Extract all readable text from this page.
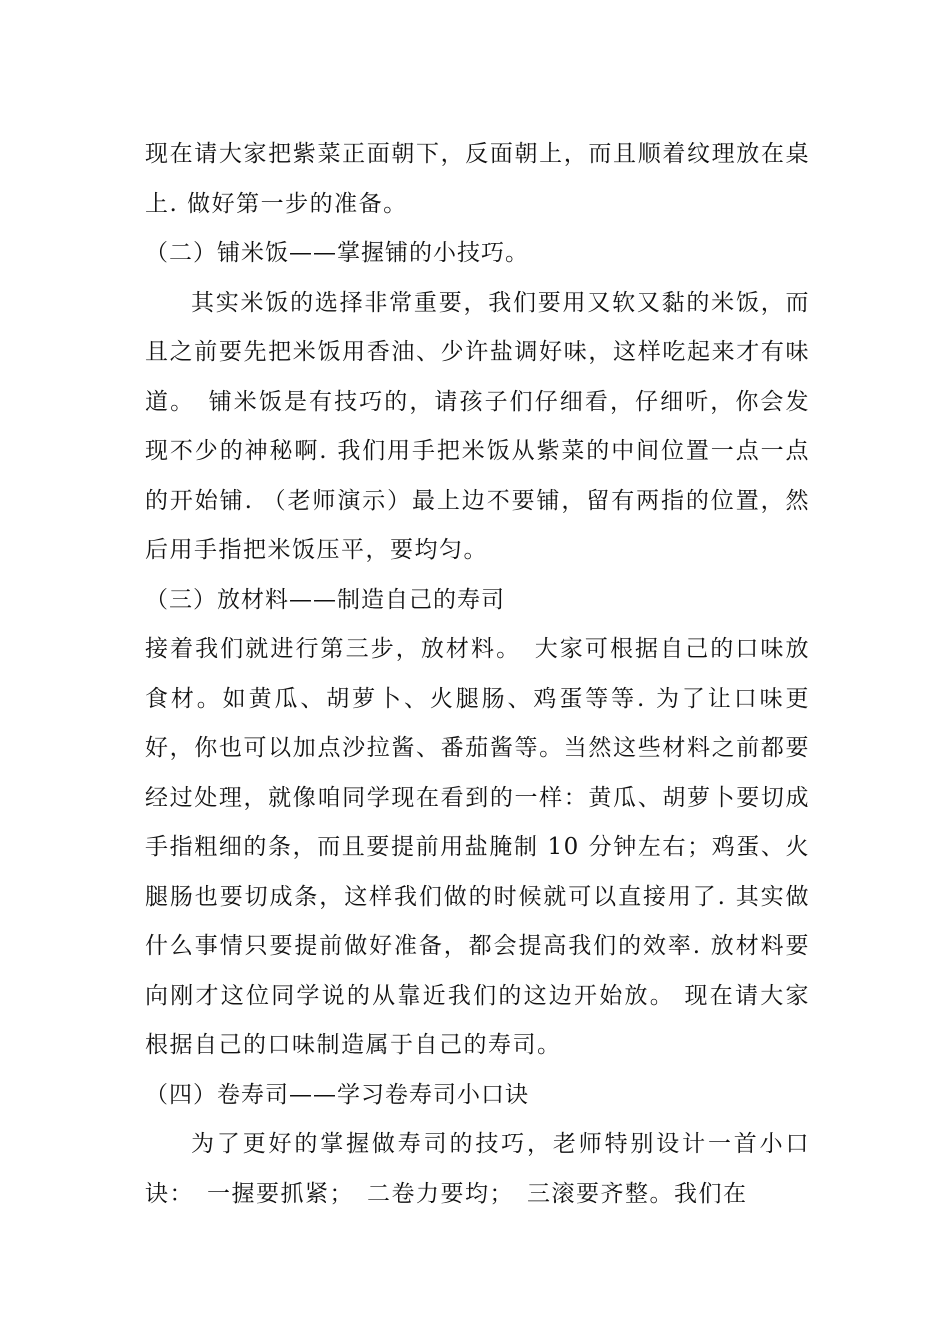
现在请大家把紫菜正面朝下，反面朝上，而且顺着纹理放在桌上. 做好第一步的准备。

（二）铺米饭——掌握铺的小技巧。

其实米饭的选择非常重要，我们要用又软又黏的米饭，而且之前要先把米饭用香油、少许盐调好味，这样吃起来才有味道。　铺米饭是有技巧的，请孩子们仔细看，仔细听，你会发现不少的神秘啊. 我们用手把米饭从紫菜的中间位置一点一点的开始铺. （老师演示）最上边不要铺，留有两指的位置，然后用手指把米饭压平，要均匀。

（三）放材料——制造自己的寿司

接着我们就进行第三步，放材料。　大家可根据自己的口味放食材。如黄瓜、胡萝卜、火腿肠、鸡蛋等等. 为了让口味更好，你也可以加点沙拉酱、番茄酱等。当然这些材料之前都要经过处理，就像咱同学现在看到的一样：黄瓜、胡萝卜要切成手指粗细的条，而且要提前用盐腌制 10 分钟左右；鸡蛋、火腿肠也要切成条，这样我们做的时候就可以直接用了. 其实做什么事情只要提前做好准备，都会提高我们的效率. 放材料要向刚才这位同学说的从靠近我们的这边开始放。 现在请大家根据自己的口味制造属于自己的寿司。

（四）卷寿司——学习卷寿司小口诀

为了更好的掌握做寿司的技巧，老师特别设计一首小口诀：　一握要抓紧；　二卷力要均；　三滚要齐整。我们在
